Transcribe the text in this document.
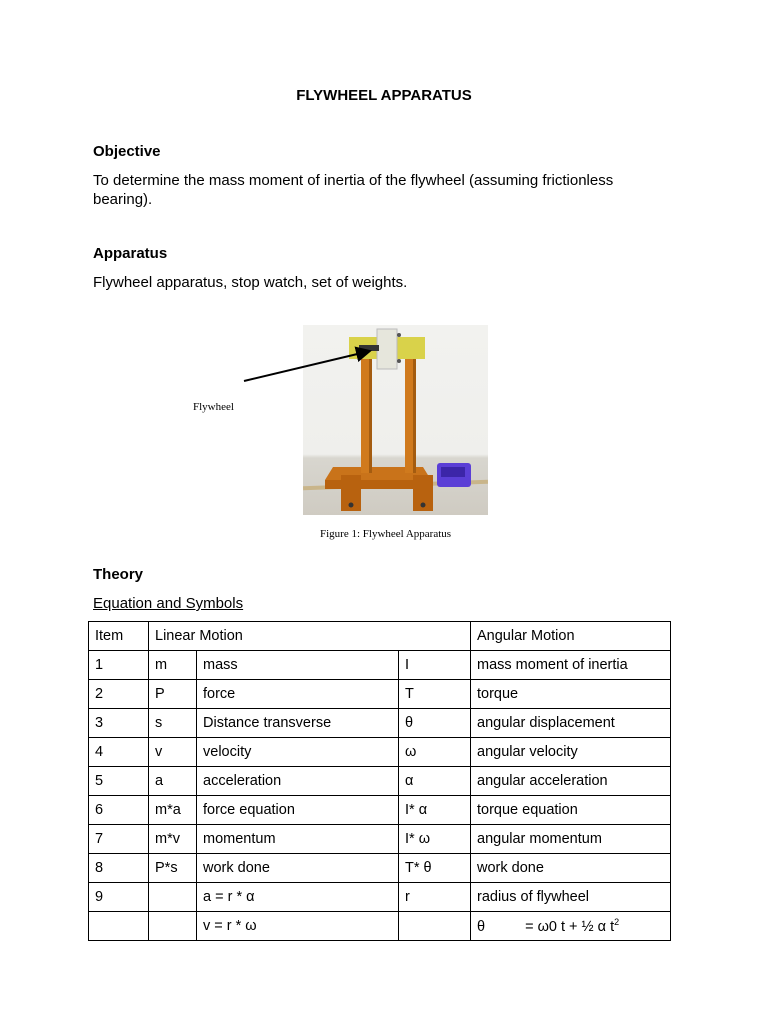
FLYWHEEL APPARATUS
Objective
To determine the mass moment of inertia of the flywheel (assuming frictionless bearing).
Apparatus
Flywheel apparatus, stop watch, set of weights.
Flywheel
Figure 1: Flywheel Apparatus
Theory
Equation and Symbols
Item	Linear Motion			Angular Motion
1	m	mass	I	mass moment of inertia
2	P	force	T	torque
3	s	Distance transverse	θ	angular displacement
4	v	velocity	ω	angular velocity
5	a	acceleration	α	angular acceleration
6	m*a	force equation	I* α	torque equation
7	m*v	momentum	I* ω	angular momentum
8	P*s	work done	T* θ	work done
9		a = r * α	r	radius of flywheel
		v = r * ω		θ = ω0 t + ½ α $t^2$
